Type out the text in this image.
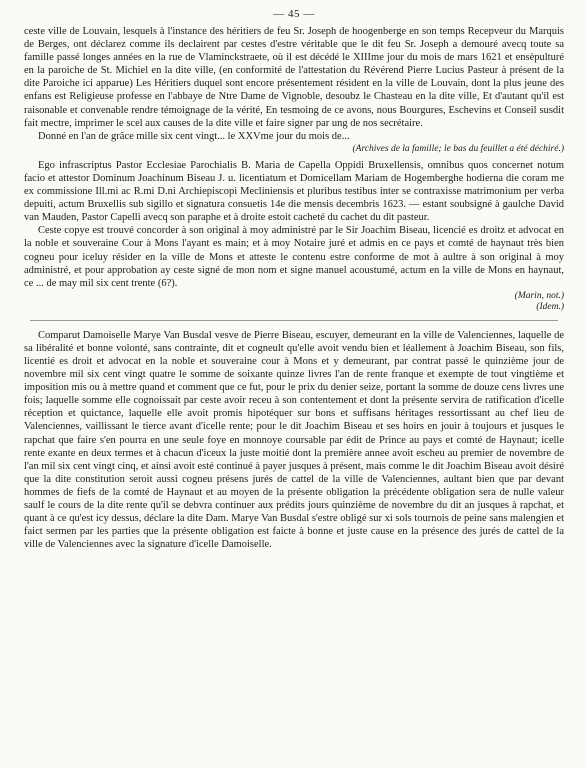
— 45 —

ceste ville de Louvain, lesquels à l'instance des héritiers de feu Sr. Joseph de hoogenberge en son temps Recepveur du Marquis de Berges, ont déclarez comme ils declairent par cestes d'estre véritable que le dit feu Sr. Joseph a demouré avecq toute sa famille passé longes années en la rue de Vlaminckstraete, où il est décédé le XIIIme jour du mois de mars 1621 et ensèpulturé en la paroiche de St. Michiel en la dite ville, (en conformité de l'attestation du Révérend Pierre Lucius Pasteur à présent de la dite Paroiche ici apparue) Les Héritiers duquel sont encore présentement résident en la ville de Louvain, dont la plus jeune des enfans est Religieuse professe en l'abbaye de Ntre Dame de Vignoble, desoubz le Chasteau en la dite ville, Et d'autant qu'il est raisonable et convenable rendre témoignage de la vérité, En tesmoing de ce avons, nous Bourgures, Eschevins et Conseil susdit fait mectre, imprimer le scel aux causes de la dite ville et faire signer par ung de nos secrétaire.

Donné en l'an de grâce mille six cent vingt... le XXVme jour du mois de...

(Archives de la famille; le bas du feuillet a été déchiré.)

Ego infrascriptus Pastor Ecclesiae Parochialis B. Maria de Capella Oppidi Bruxellensis, omnibus quos concernet notum facio et attestor Dominum Joachinum Biseau J. u. licentiatum et Domicellam Mariam de Hogemberghe hodierna die coram me ex commissione Ill.mi ac R.mi D.ni Archiepiscopi Mecliniensis et pluribus testibus inter se contraxisse matrimonium per verba depuiti, actum Bruxellis sub sigillo et signatura consuetis 14e die mensis decembris 1623. — estant soubsigné à gaulche David van Mauden, Pastor Capelli avecq son paraphe et à droite estoit cacheté du cachet du dit pasteur.

Ceste copye est trouvé concorder à son original à moy administré par le Sir Joachim Biseau, licencié es droitz et advocat en la noble et souveraine Cour à Mons l'ayant es main; et à moy Notaire juré et admis en ce pays et comté de haynaut très bien cogneu pour iceluy résider en la ville de Mons et atteste le contenu estre conforme de mot à aultre à son original à moy administré, et pour approbation ay ceste signé de mon nom et signe manuel acoustumé, actum en la ville de Mons en haynaut, ce ... de may mil six cent trente (6?).

(Marin, not.)

(Idem.)

Comparut Damoiselle Marye Van Busdal vesve de Pierre Biseau, escuyer, demeurant en la ville de Valenciennes, laquelle de sa libéralité et bonne volonté, sans contrainte, dit et cogneult qu'elle avoit vendu bien et léallement à Joachim Biseau, son fils, licentié es droit et advocat en la noble et souveraine cour à Mons et y demeurant, par contrat passé le quinzième jour de novembre mil six cent vingt quatre le somme de soixante quinze livres l'an de rente franque et exempte de tout vingtième et imposition mis ou à mettre quand et comment que ce fut, pour le prix du denier seize, portant la somme de douze cens livres une fois; laquelle somme elle cognoissait par ceste avoir receu à son contentement et dont la présente servira de ratification d'icelle réception et quictance, laquelle elle avoit promis hipotéquer sur bons et suffisans héritages ressortissant au chef lieu de Valenciennes, vaillissant le tierce avant d'icelle rente; pour le dit Joachim Biseau et ses hoirs en jouir à toujours et jusques le rapchat que faire s'en pourra en une seule foye en monnoye coursable par édit de Prince au pays et comté de Haynaut; icelle rente exante en deux termes et à chacun d'iceux la juste moitié dont la première annee avoit escheu au premier de novembre de l'an mil six cent vingt cinq, et ainsi avoit esté continué à payer jusques à présent, mais comme le dit Joachim Biseau avoit désiré que la dite constitution seroit aussi cogneu présens jurés de cattel de la ville de Valenciennes, aultant bien que par devant hommes de fiefs de la comté de Haynaut et au moyen de la présente obligation la précédente obligation sera de nulle valeur saulf le cours de la dite rente qu'il se debvra continuer aux prédits jours quinzième de novembre du dit an jusques à rapchat, et quant à ce qu'est icy dessus, déclare la dite Dam. Marye Van Busdal s'estre obligé sur xi sols tournois de peine sans malengien et faict sermen par les parties que la présente obligation est faicte à bonne et juste cause en la présence des jurés de cattel de la ville de Valenciennes avec la signature d'icelle Damoiselle.
